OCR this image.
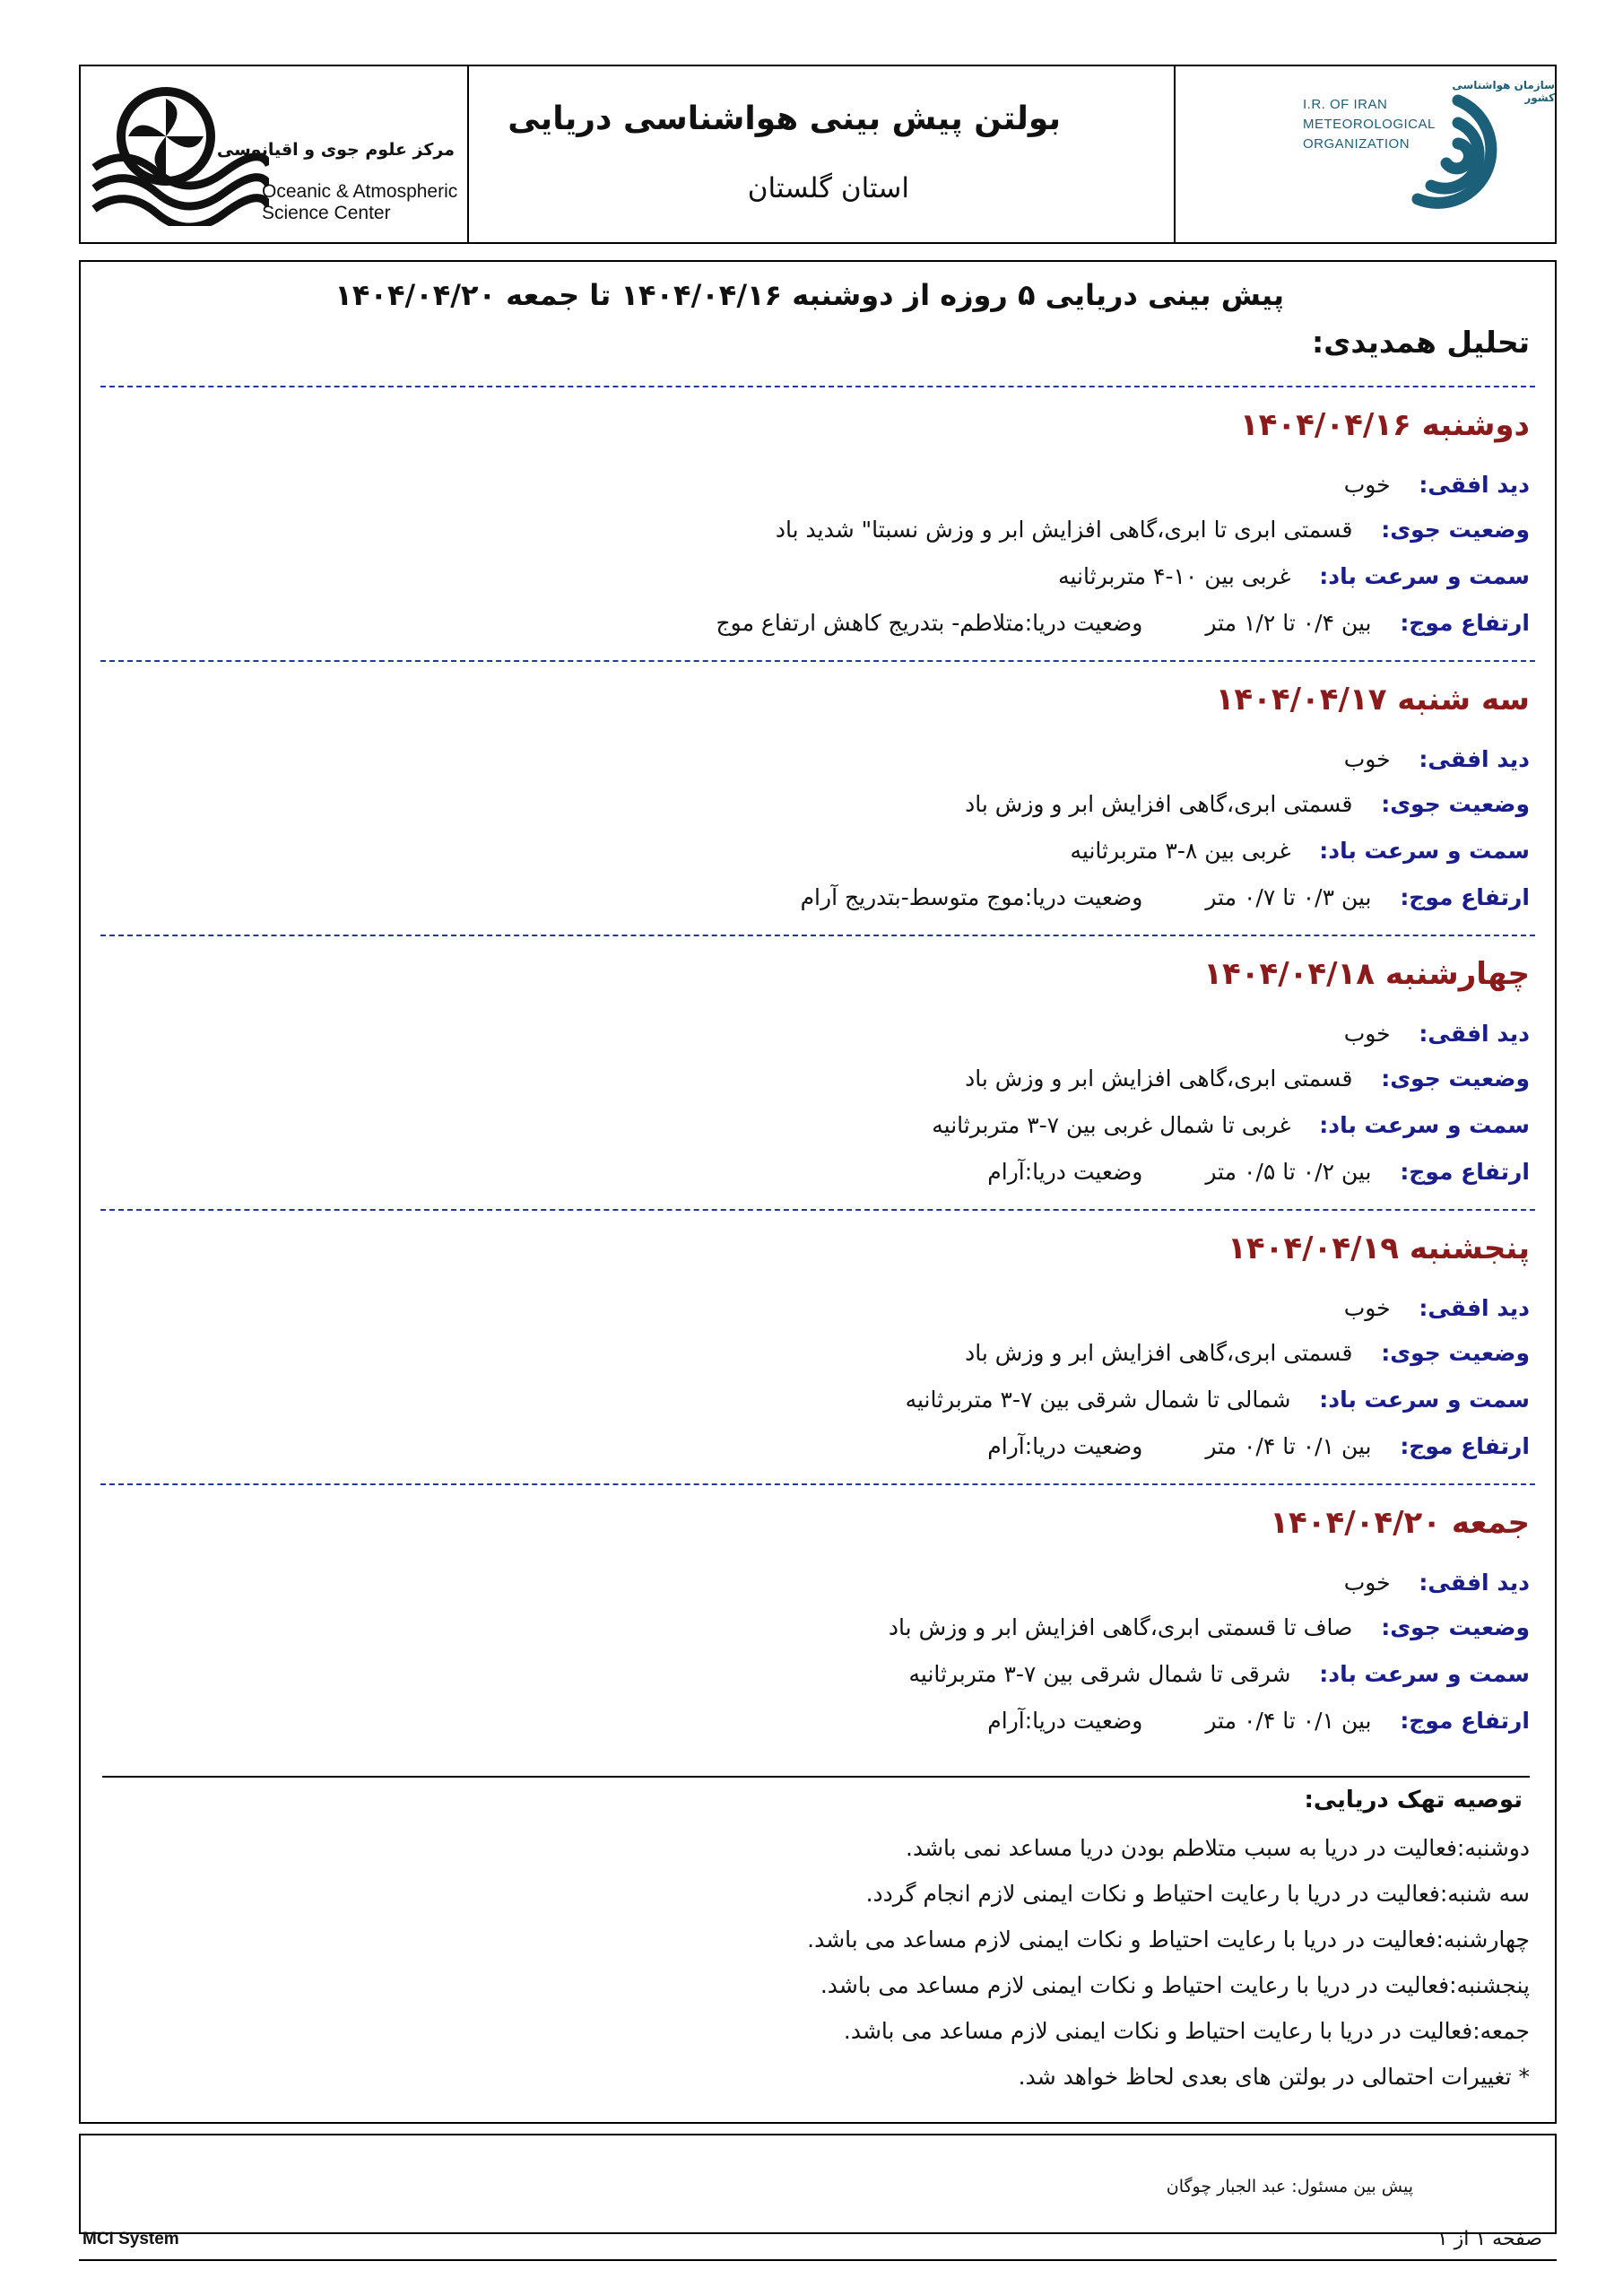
مرکز علوم جوی و اقیانوسی
Oceanic & Atmospheric
Science Center
بولتن پیش بینی هواشناسی دریایی
استان گلستان
سازمان هواشناسی کشور
I.R. OF IRAN
METEOROLOGICAL
ORGANIZATION
پیش بینی دریایی ۵ روزه از دوشنبه ۱۴۰۴/۰۴/۱۶ تا جمعه ۱۴۰۴/۰۴/۲۰
تحلیل همدیدی:
دوشنبه ۱۴۰۴/۰۴/۱۶
دید افقی:    خوب
وضعیت جوی:    قسمتی ابری تا ابری،گاهی افزایش ابر و وزش نسبتا" شدید باد
سمت و سرعت باد:    غربی بین ۱۰-۴ متربرثانیه
ارتفاع موج:    بین ۰/۴ تا ۱/۲ متروضعیت دریا:متلاطم- بتدریج کاهش ارتفاع موج
سه شنبه ۱۴۰۴/۰۴/۱۷
دید افقی:    خوب
وضعیت جوی:    قسمتی ابری،گاهی افزایش ابر و وزش باد
سمت و سرعت باد:    غربی بین ۸-۳ متربرثانیه
ارتفاع موج:    بین ۰/۳ تا ۰/۷ متروضعیت دریا:موج متوسط-بتدریج آرام
چهارشنبه ۱۴۰۴/۰۴/۱۸
دید افقی:    خوب
وضعیت جوی:    قسمتی ابری،گاهی افزایش ابر و وزش باد
سمت و سرعت باد:    غربی تا شمال غربی بین ۷-۳ متربرثانیه
ارتفاع موج:    بین ۰/۲ تا ۰/۵ متروضعیت دریا:آرام
پنجشنبه ۱۴۰۴/۰۴/۱۹
دید افقی:    خوب
وضعیت جوی:    قسمتی ابری،گاهی افزایش ابر و وزش باد
سمت و سرعت باد:    شمالی تا شمال شرقی بین ۷-۳ متربرثانیه
ارتفاع موج:    بین ۰/۱ تا ۰/۴ متروضعیت دریا:آرام
جمعه ۱۴۰۴/۰۴/۲۰
دید افقی:    خوب
وضعیت جوی:    صاف تا قسمتی ابری،گاهی افزایش ابر و وزش باد
سمت و سرعت باد:    شرقی تا شمال شرقی بین ۷-۳ متربرثانیه
ارتفاع موج:    بین ۰/۱ تا ۰/۴ متروضعیت دریا:آرام
توصیه تهک دریایی:
دوشنبه:فعالیت در دریا به سبب متلاطم بودن دریا مساعد نمی باشد.
سه شنبه:فعالیت در دریا با رعایت احتیاط و نکات ایمنی لازم انجام گردد.
چهارشنبه:فعالیت در دریا با رعایت احتیاط و نکات ایمنی لازم مساعد می باشد.
پنجشنبه:فعالیت در دریا با رعایت احتیاط و نکات ایمنی لازم مساعد می باشد.
جمعه:فعالیت در دریا با رعایت احتیاط و نکات ایمنی لازم مساعد می باشد.
* تغییرات احتمالی در بولتن های بعدی لحاظ خواهد شد.
پیش بین مسئول: عبد الجبار چوگان
MCI System	صفحه ۱ از ۱
